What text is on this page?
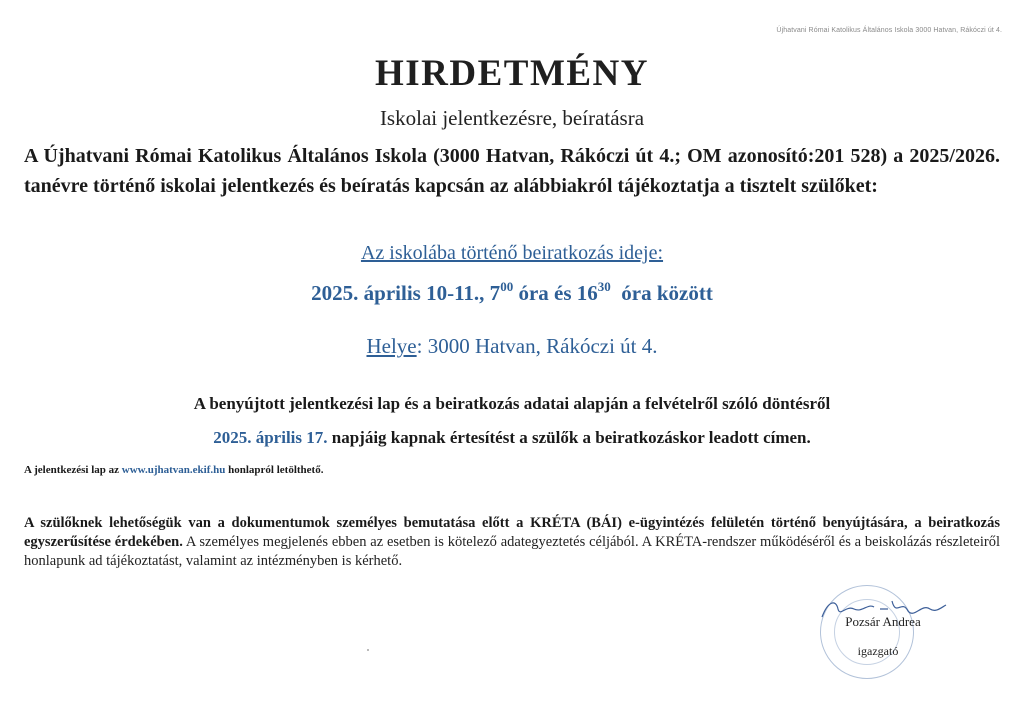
Újhatvani Római Katolikus Általános Iskola 3000 Hatvan, Rákóczi út 4.
HIRDETMÉNY
Iskolai jelentkezésre, beíratásra
A Újhatvani Római Katolikus Általános Iskola (3000 Hatvan, Rákóczi út 4.; OM azonosító:201 528) a 2025/2026. tanévre történő iskolai jelentkezés és beíratás kapcsán az alábbiakról tájékoztatja a tisztelt szülőket:
Az iskolába történő beiratkozás ideje:
2025. április 10-11., $7^{00}$ óra és $16^{30}$  óra között
Helye: 3000 Hatvan, Rákóczi út 4.
A benyújtott jelentkezési lap és a beiratkozás adatai alapján a felvételről szóló döntésről
2025. április 17. napjáig kapnak értesítést a szülők a beiratkozáskor leadott címen.
A jelentkezési lap az www.ujhatvan.ekif.hu honlapról letölthető.
A szülőknek lehetőségük van a dokumentumok személyes bemutatása előtt a KRÉTA (BÁI) e-ügyintézés felületén történő benyújtására, a beiratkozás egyszerűsítése érdekében. A személyes megjelenés ebben az esetben is kötelező adategyeztetés céljából. A KRÉTA-rendszer működéséről és a beiskolázás részleteiről honlapunk ad tájékoztatást, valamint az intézményben is kérhető.
Pozsár Andrea
igazgató
